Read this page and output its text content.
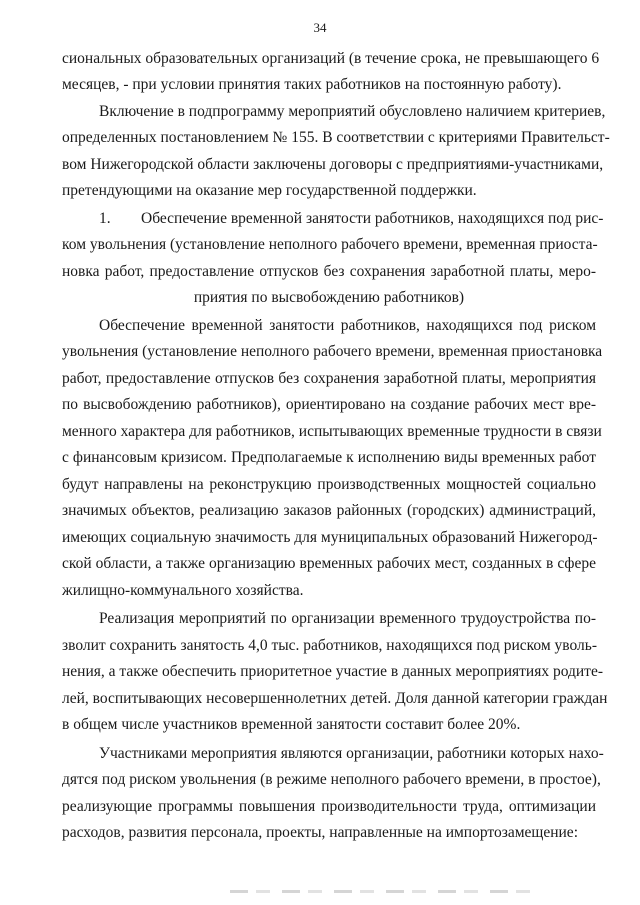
34
сиональных образовательных организаций (в течение срока, не превышающего 6
месяцев, - при условии принятия таких работников на постоянную работу).
Включение в подпрограмму мероприятий обусловлено наличием критериев,
определенных постановлением № 155. В соответствии с критериями Правительст-
вом Нижегородской области заключены договоры с предприятиями-участниками,
претендующими на оказание мер государственной поддержки.
1. Обеспечение временной занятости работников, находящихся под рис-
ком увольнения (установление неполного рабочего времени, временная приоста-
новка работ, предоставление отпусков без сохранения заработной платы, меро-
приятия по высвобождению работников)
Обеспечение временной занятости работников, находящихся под риском
увольнения (установление неполного рабочего времени, временная приостановка
работ, предоставление отпусков без сохранения заработной платы, мероприятия
по высвобождению работников), ориентировано на создание рабочих мест вре-
менного характера для работников, испытывающих временные трудности в связи
с финансовым кризисом. Предполагаемые к исполнению виды временных работ
будут направлены на реконструкцию производственных мощностей социально
значимых объектов, реализацию заказов районных (городских) администраций,
имеющих социальную значимость для муниципальных образований Нижегород-
ской области, а также организацию временных рабочих мест, созданных в сфере
жилищно-коммунального хозяйства.
Реализация мероприятий по организации временного трудоустройства по-
зволит сохранить занятость 4,0 тыс. работников, находящихся под риском уволь-
нения, а также обеспечить приоритетное участие в данных мероприятиях родите-
лей, воспитывающих несовершеннолетних детей. Доля данной категории граждан
в общем числе участников временной занятости составит более 20%.
Участниками мероприятия являются организации, работники которых нахо-
дятся под риском увольнения (в режиме неполного рабочего времени, в простое),
реализующие программы повышения производительности труда, оптимизации
расходов, развития персонала, проекты, направленные на импортозамещение:
